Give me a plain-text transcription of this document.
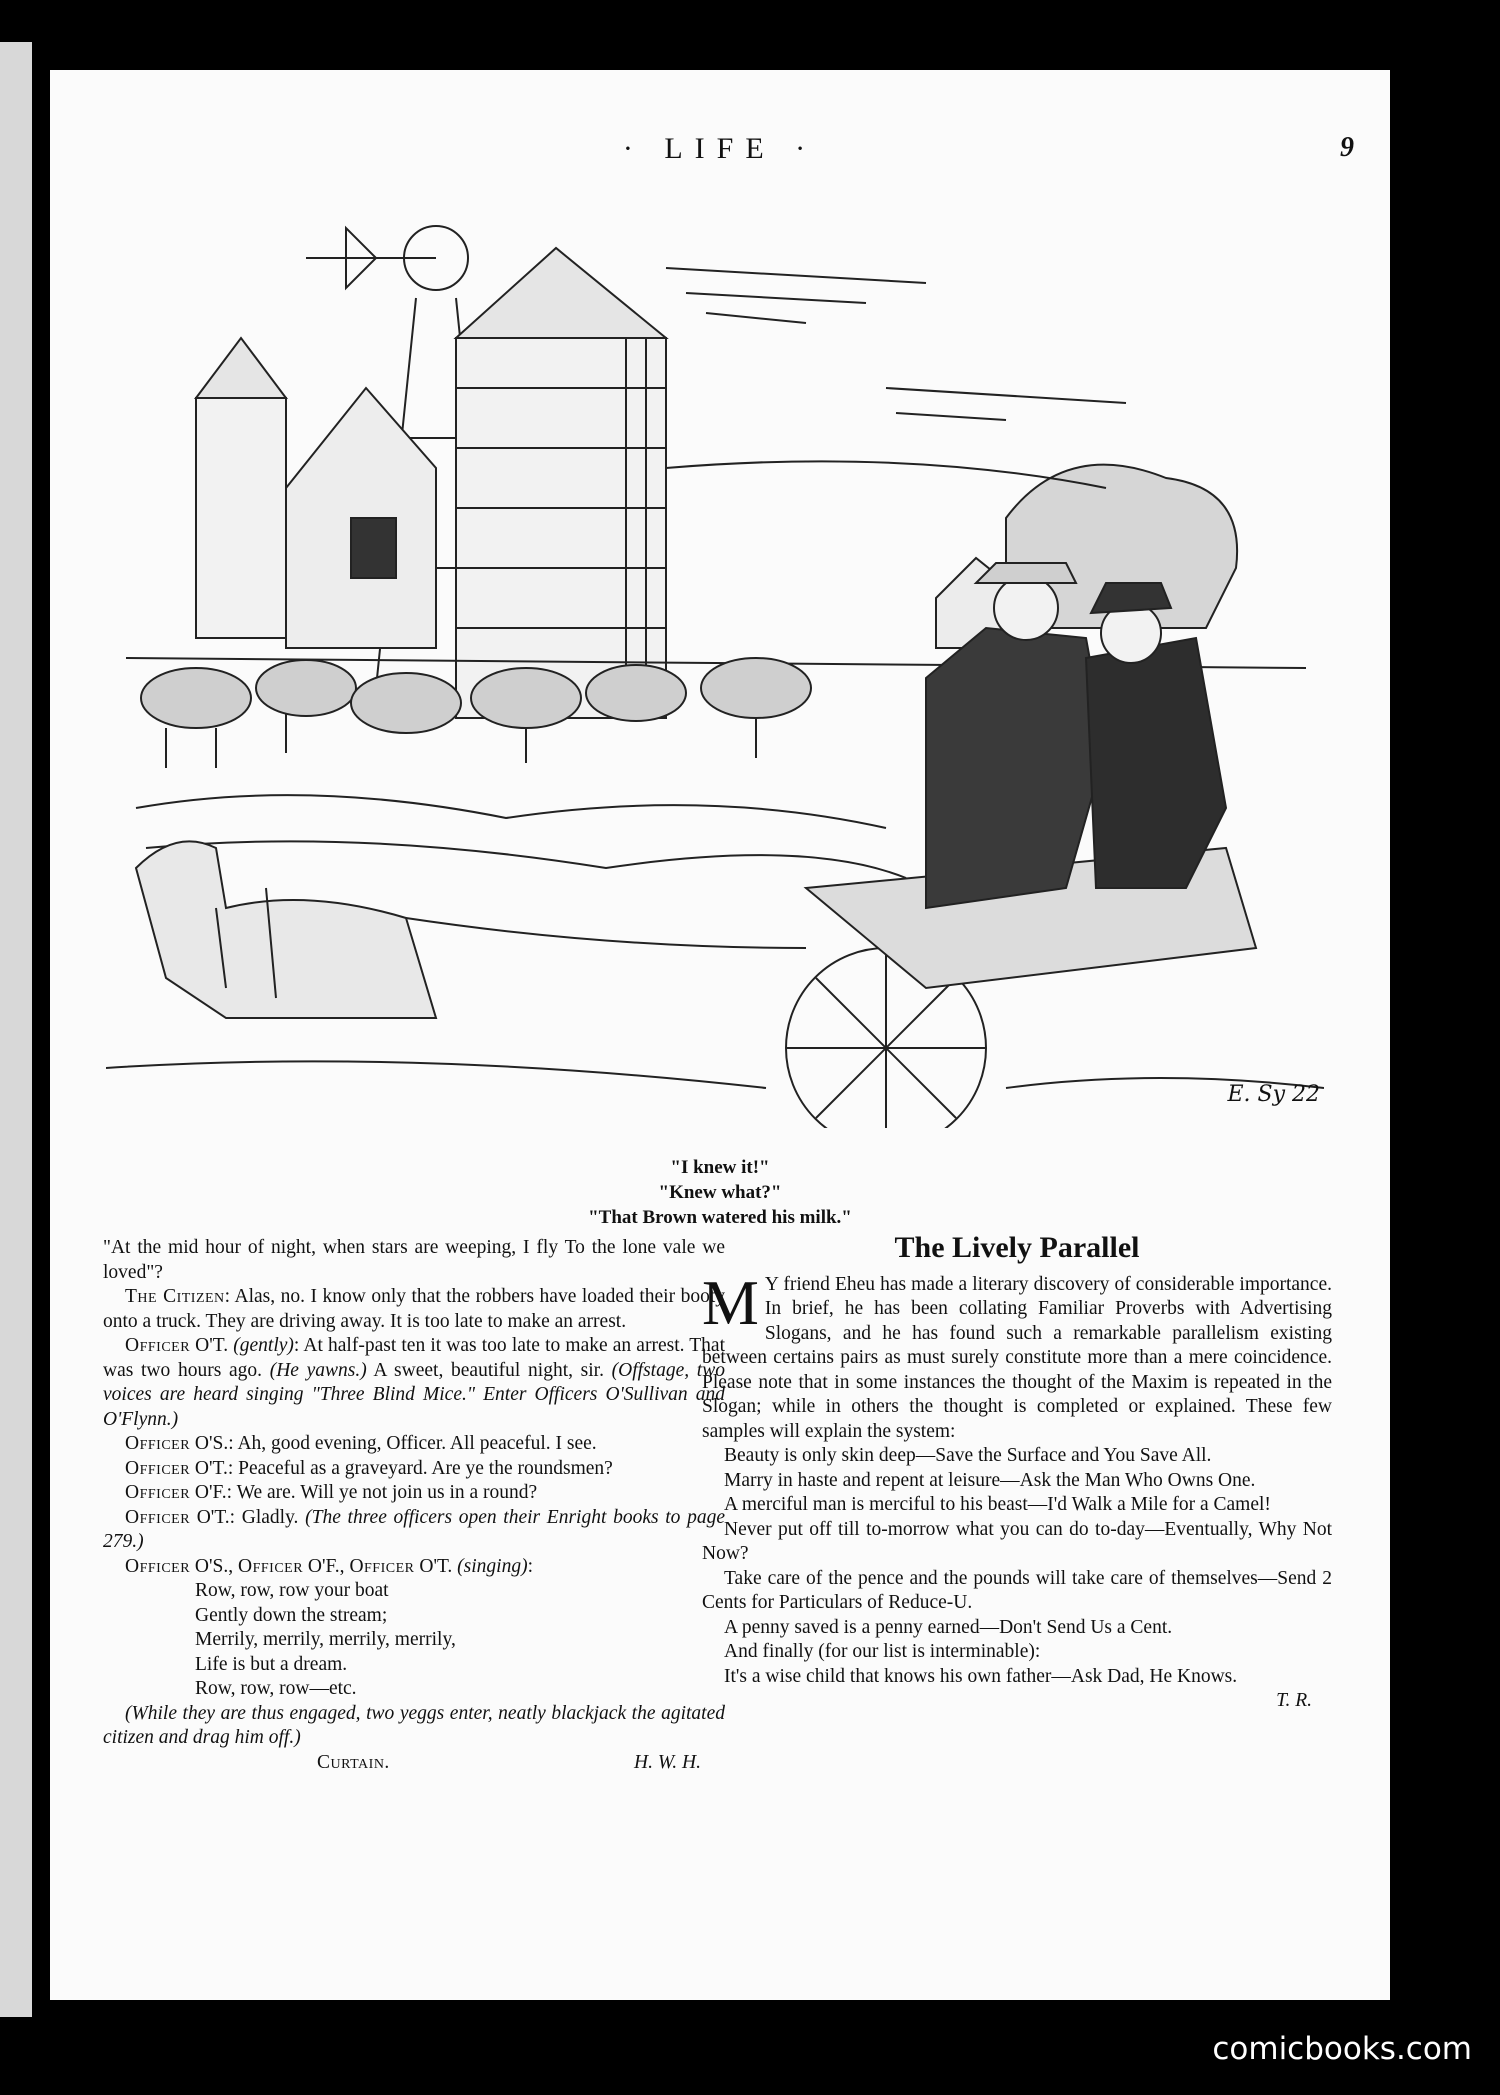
· LIFE ·	9
E. Sy 22
"I knew it!"
"Knew what?"
"That Brown watered his milk."

"At the mid hour of night, when stars are weeping, I fly To the lone vale we loved"?

The Citizen: Alas, no. I know only that the robbers have loaded their booty onto a truck. They are driving away. It is too late to make an arrest.

Officer O'T. (gently): At half-past ten it was too late to make an arrest. That was two hours ago. (He yawns.) A sweet, beautiful night, sir. (Offstage, two voices are heard singing "Three Blind Mice." Enter Officers O'Sullivan and O'Flynn.)

Officer O'S.: Ah, good evening, Officer. All peaceful. I see.

Officer O'T.: Peaceful as a graveyard. Are ye the roundsmen?

Officer O'F.: We are. Will ye not join us in a round?

Officer O'T.: Gladly. (The three officers open their Enright books to page 279.)

Officer O'S., Officer O'F., Officer O'T. (singing):

Row, row, row your boat

Gently down the stream;

Merrily, merrily, merrily, merrily,

Life is but a dream.

Row, row, row—etc.

(While they are thus engaged, two yeggs enter, neatly blackjack the agitated citizen and drag him off.)

Curtain.	H. W. H.

The Lively Parallel

M Y friend Eheu has made a literary discovery of considerable importance. In brief, he has been collating Familiar Proverbs with Advertising Slogans, and he has found such a remarkable parallelism existing between certains pairs as must surely constitute more than a mere coincidence. Please note that in some instances the thought of the Maxim is repeated in the Slogan; while in others the thought is completed or explained. These few samples will explain the system:

Beauty is only skin deep—Save the Surface and You Save All.

Marry in haste and repent at leisure—Ask the Man Who Owns One.

A merciful man is merciful to his beast—I'd Walk a Mile for a Camel!

Never put off till to-morrow what you can do to-day—Eventually, Why Not Now?

Take care of the pence and the pounds will take care of themselves—Send 2 Cents for Particulars of Reduce-U.

A penny saved is a penny earned—Don't Send Us a Cent.

And finally (for our list is interminable):

It's a wise child that knows his own father—Ask Dad, He Knows.

T. R.

comicbooks.com
